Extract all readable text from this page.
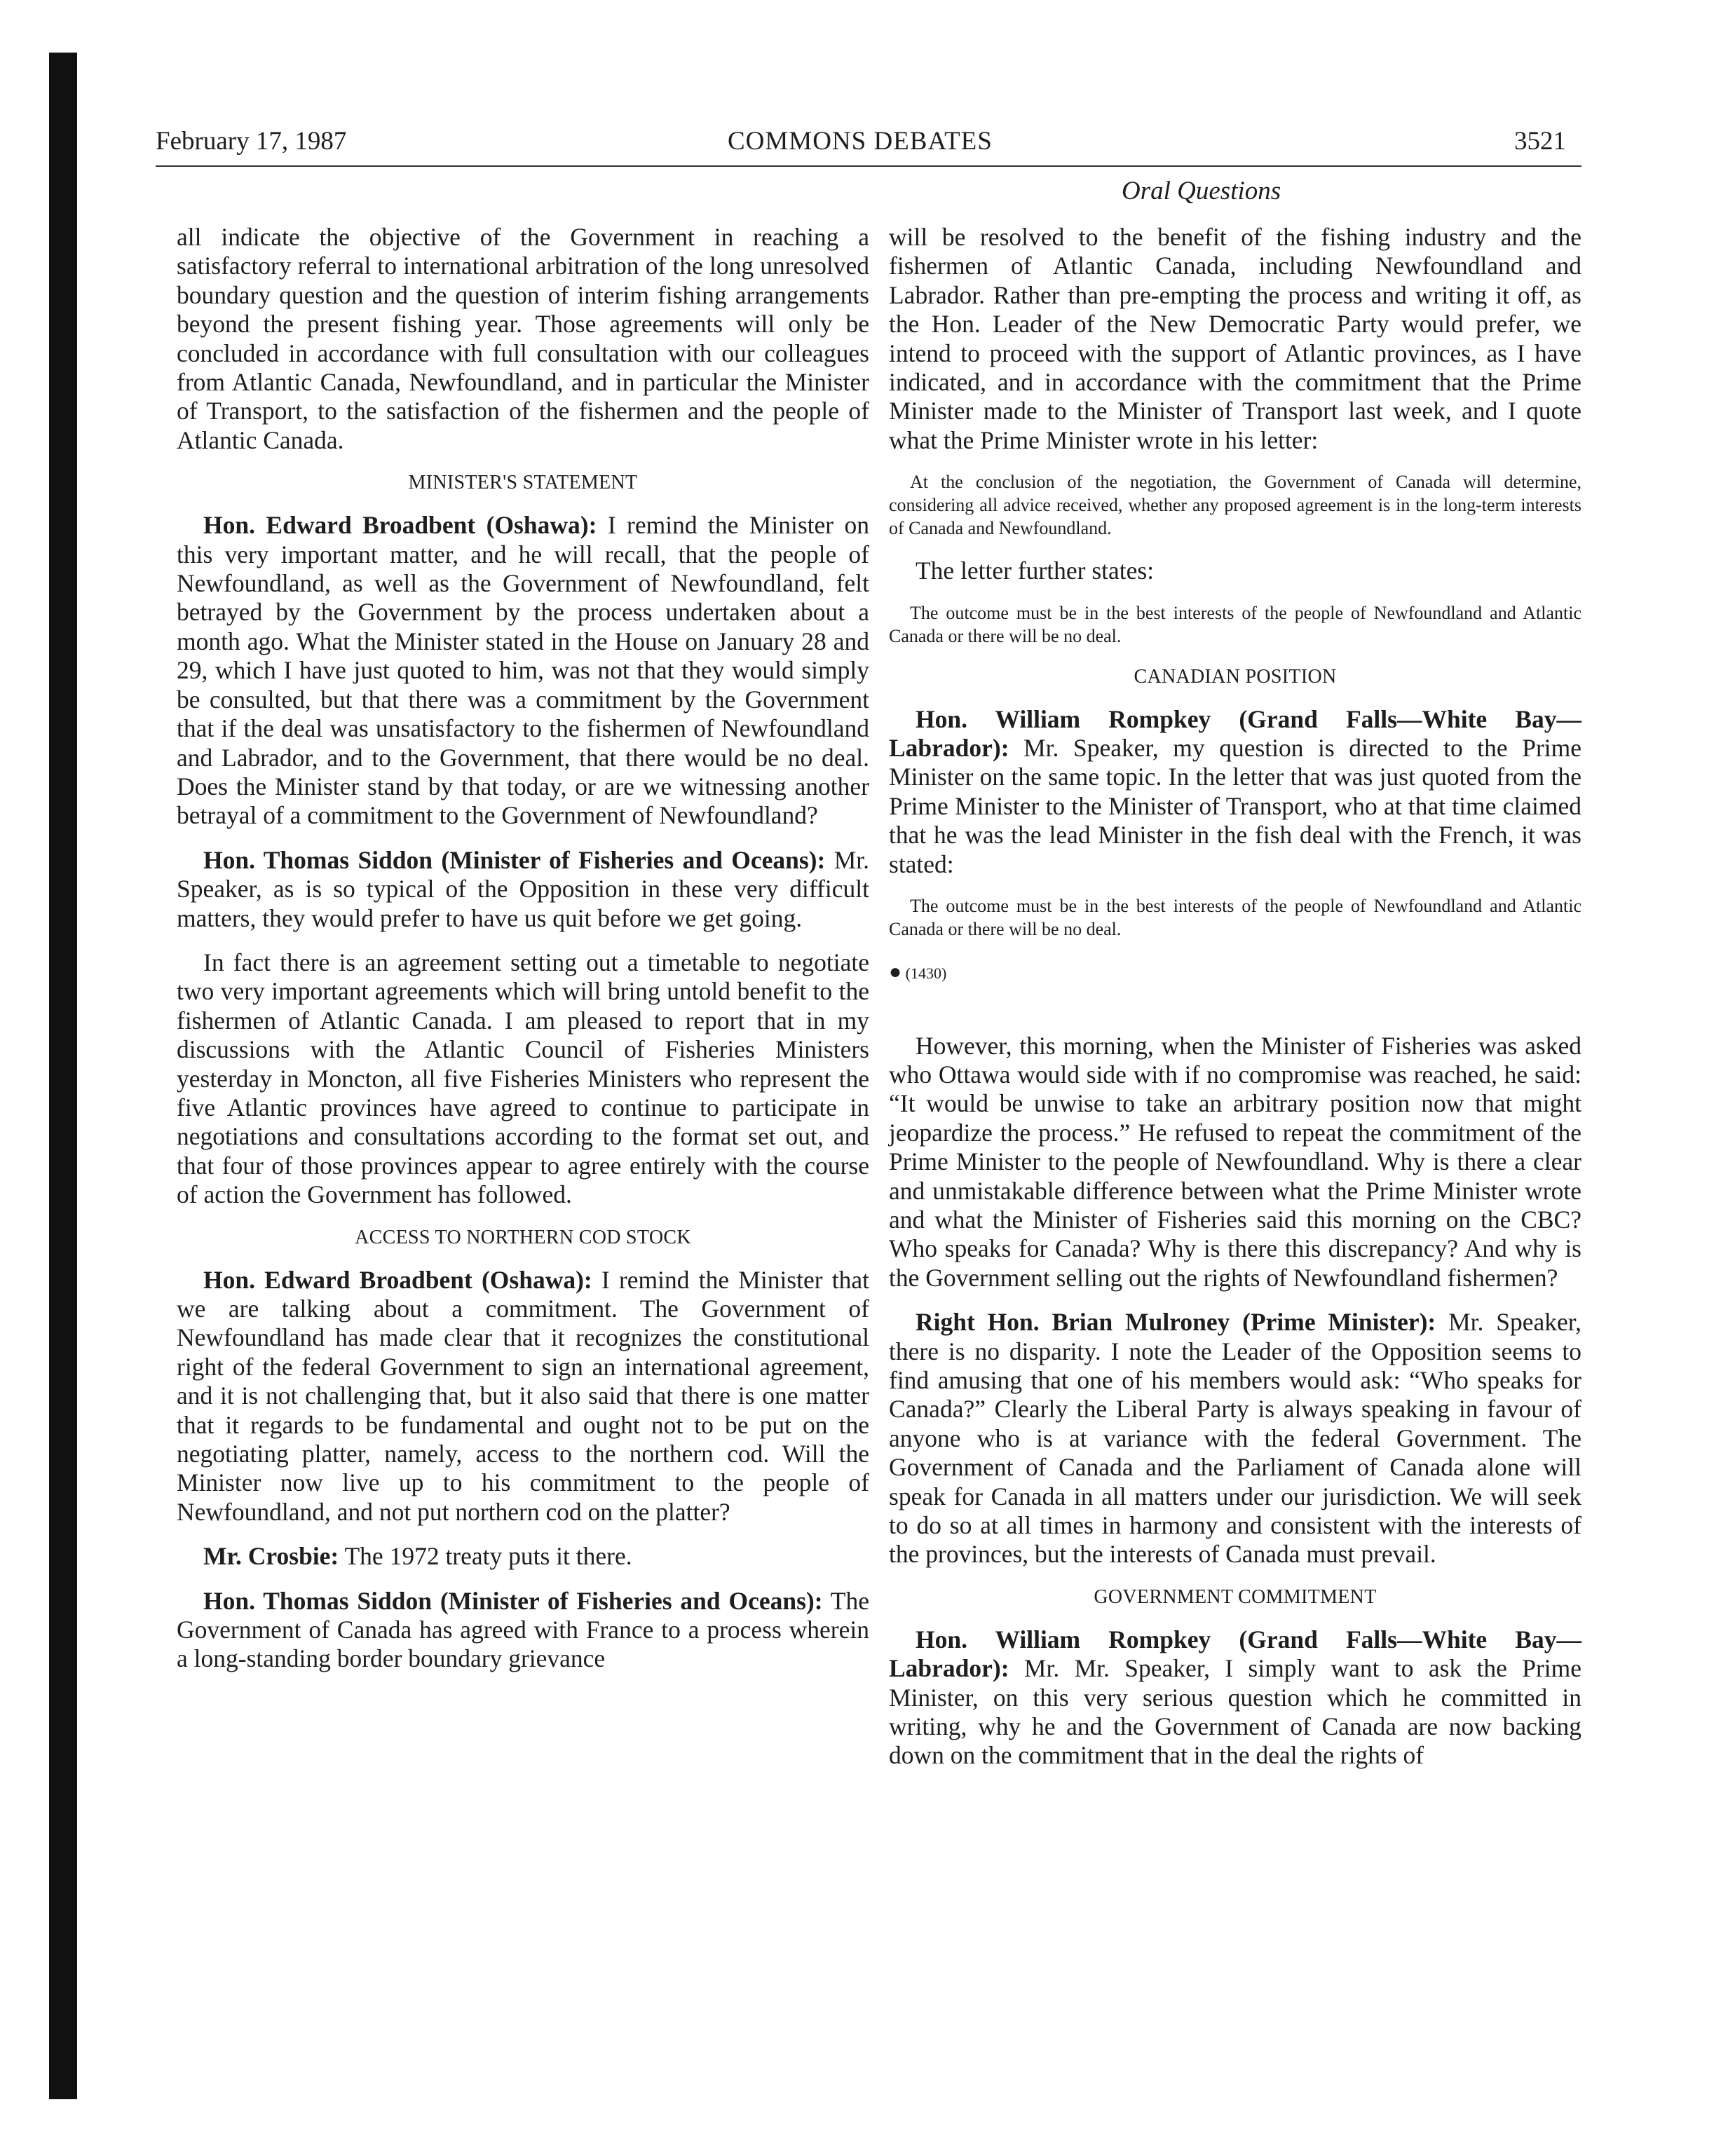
February 17, 1987	COMMONS DEBATES	3521
Oral Questions

all indicate the objective of the Government in reaching a satisfactory referral to international arbitration of the long unresolved boundary question and the question of interim fishing arrangements beyond the present fishing year. Those agreements will only be concluded in accordance with full consultation with our colleagues from Atlantic Canada, Newfoundland, and in particular the Minister of Transport, to the satisfaction of the fishermen and the people of Atlantic Canada.

MINISTER'S STATEMENT

Hon. Edward Broadbent (Oshawa): I remind the Minister on this very important matter, and he will recall, that the people of Newfoundland, as well as the Government of Newfoundland, felt betrayed by the Government by the process undertaken about a month ago. What the Minister stated in the House on January 28 and 29, which I have just quoted to him, was not that they would simply be consulted, but that there was a commitment by the Government that if the deal was unsatisfactory to the fishermen of Newfoundland and Labrador, and to the Government, that there would be no deal. Does the Minister stand by that today, or are we witnessing another betrayal of a commitment to the Government of Newfoundland?

Hon. Thomas Siddon (Minister of Fisheries and Oceans): Mr. Speaker, as is so typical of the Opposition in these very difficult matters, they would prefer to have us quit before we get going.

In fact there is an agreement setting out a timetable to negotiate two very important agreements which will bring untold benefit to the fishermen of Atlantic Canada. I am pleased to report that in my discussions with the Atlantic Council of Fisheries Ministers yesterday in Moncton, all five Fisheries Ministers who represent the five Atlantic provinces have agreed to continue to participate in negotiations and consultations according to the format set out, and that four of those provinces appear to agree entirely with the course of action the Government has followed.

ACCESS TO NORTHERN COD STOCK

Hon. Edward Broadbent (Oshawa): I remind the Minister that we are talking about a commitment. The Government of Newfoundland has made clear that it recognizes the constitutional right of the federal Government to sign an international agreement, and it is not challenging that, but it also said that there is one matter that it regards to be fundamental and ought not to be put on the negotiating platter, namely, access to the northern cod. Will the Minister now live up to his commitment to the people of Newfoundland, and not put northern cod on the platter?

Mr. Crosbie: The 1972 treaty puts it there.

Hon. Thomas Siddon (Minister of Fisheries and Oceans): The Government of Canada has agreed with France to a process wherein a long-standing border boundary grievance

will be resolved to the benefit of the fishing industry and the fishermen of Atlantic Canada, including Newfoundland and Labrador. Rather than pre-empting the process and writing it off, as the Hon. Leader of the New Democratic Party would prefer, we intend to proceed with the support of Atlantic provinces, as I have indicated, and in accordance with the commitment that the Prime Minister made to the Minister of Transport last week, and I quote what the Prime Minister wrote in his letter:

At the conclusion of the negotiation, the Government of Canada will determine, considering all advice received, whether any proposed agreement is in the long-term interests of Canada and Newfoundland.

The letter further states:

The outcome must be in the best interests of the people of Newfoundland and Atlantic Canada or there will be no deal.
CANADIAN POSITION

Hon. William Rompkey (Grand Falls—White Bay—Labrador): Mr. Speaker, my question is directed to the Prime Minister on the same topic. In the letter that was just quoted from the Prime Minister to the Minister of Transport, who at that time claimed that he was the lead Minister in the fish deal with the French, it was stated:

The outcome must be in the best interests of the people of Newfoundland and Atlantic Canada or there will be no deal.
● (1430)

However, this morning, when the Minister of Fisheries was asked who Ottawa would side with if no compromise was reached, he said: “It would be unwise to take an arbitrary position now that might jeopardize the process.” He refused to repeat the commitment of the Prime Minister to the people of Newfoundland. Why is there a clear and unmistakable difference between what the Prime Minister wrote and what the Minister of Fisheries said this morning on the CBC? Who speaks for Canada? Why is there this discrepancy? And why is the Government selling out the rights of Newfoundland fishermen?

Right Hon. Brian Mulroney (Prime Minister): Mr. Speaker, there is no disparity. I note the Leader of the Opposition seems to find amusing that one of his members would ask: “Who speaks for Canada?” Clearly the Liberal Party is always speaking in favour of anyone who is at variance with the federal Government. The Government of Canada and the Parliament of Canada alone will speak for Canada in all matters under our jurisdiction. We will seek to do so at all times in harmony and consistent with the interests of the provinces, but the interests of Canada must prevail.

GOVERNMENT COMMITMENT

Hon. William Rompkey (Grand Falls—White Bay—Labrador): Mr. Mr. Speaker, I simply want to ask the Prime Minister, on this very serious question which he committed in writing, why he and the Government of Canada are now backing down on the commitment that in the deal the rights of
